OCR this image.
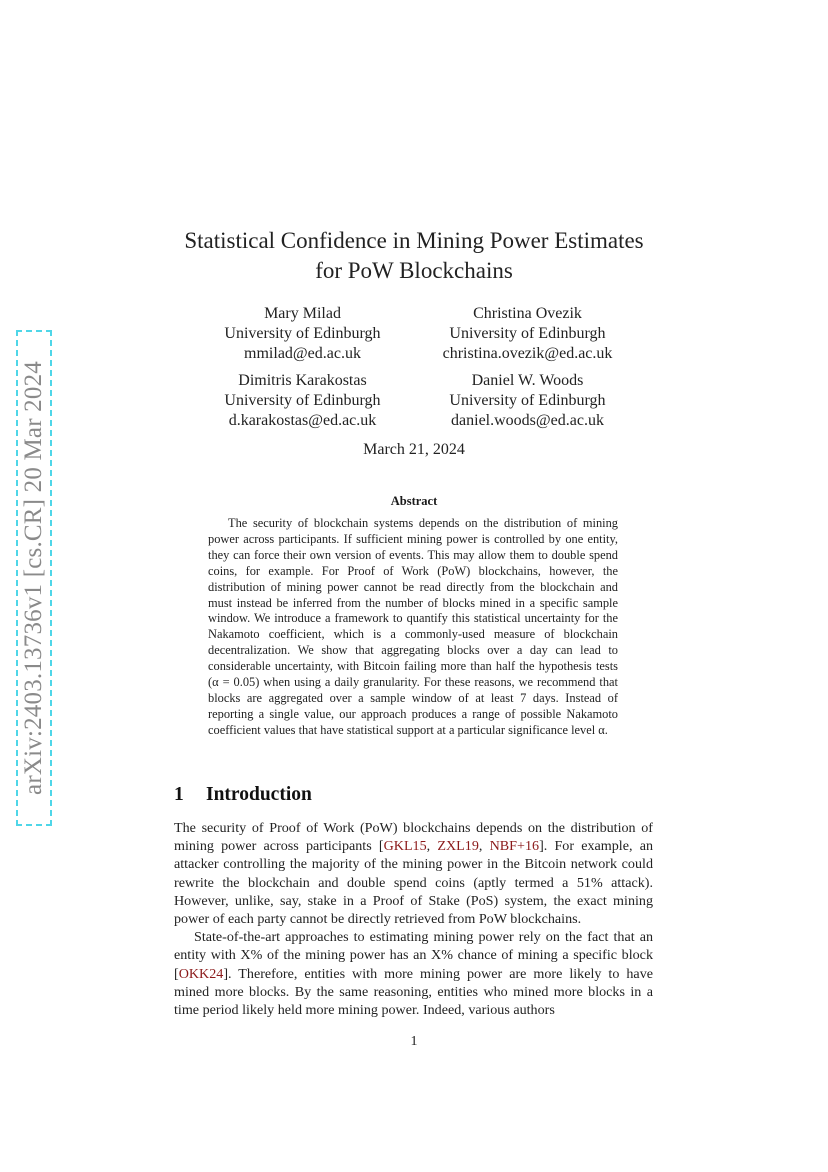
arXiv:2403.13736v1 [cs.CR] 20 Mar 2024
Statistical Confidence in Mining Power Estimates
for PoW Blockchains
Mary Milad
University of Edinburgh
mmilad@ed.ac.uk
Christina Ovezik
University of Edinburgh
christina.ovezik@ed.ac.uk
Dimitris Karakostas
University of Edinburgh
d.karakostas@ed.ac.uk
Daniel W. Woods
University of Edinburgh
daniel.woods@ed.ac.uk
March 21, 2024
Abstract
The security of blockchain systems depends on the distribution of mining power across participants. If sufficient mining power is controlled by one entity, they can force their own version of events. This may allow them to double spend coins, for example. For Proof of Work (PoW) blockchains, however, the distribution of mining power cannot be read directly from the blockchain and must instead be inferred from the number of blocks mined in a specific sample window. We introduce a framework to quantify this statistical uncertainty for the Nakamoto coefficient, which is a commonly-used measure of blockchain decentralization. We show that aggregating blocks over a day can lead to considerable uncertainty, with Bitcoin failing more than half the hypothesis tests (α = 0.05) when using a daily granularity. For these reasons, we recommend that blocks are aggregated over a sample window of at least 7 days. Instead of reporting a single value, our approach produces a range of possible Nakamoto coefficient values that have statistical support at a particular significance level α.
1 Introduction

The security of Proof of Work (PoW) blockchains depends on the distribution of mining power across participants [GKL15, ZXL19, NBF+16]. For example, an attacker controlling the majority of the mining power in the Bitcoin network could rewrite the blockchain and double spend coins (aptly termed a 51% attack). However, unlike, say, stake in a Proof of Stake (PoS) system, the exact mining power of each party cannot be directly retrieved from PoW blockchains.

State-of-the-art approaches to estimating mining power rely on the fact that an entity with X% of the mining power has an X% chance of mining a specific block [OKK24]. Therefore, entities with more mining power are more likely to have mined more blocks. By the same reasoning, entities who mined more blocks in a time period likely held more mining power. Indeed, various authors

1
